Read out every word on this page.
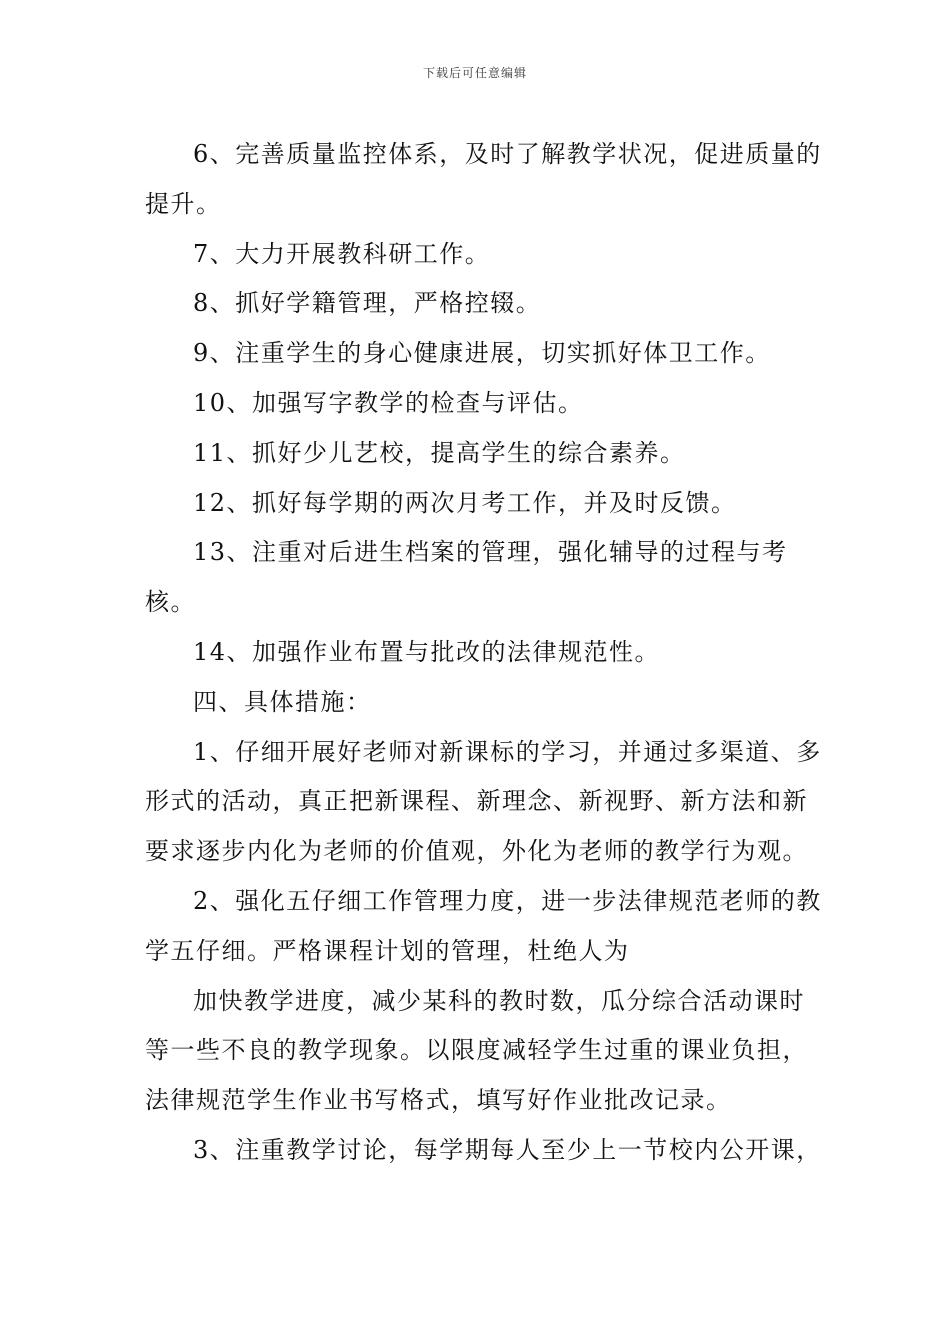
下载后可任意编辑

6、完善质量监控体系，及时了解教学状况，促进质量的提升。

7、大力开展教科研工作。

8、抓好学籍管理，严格控辍。

9、注重学生的身心健康进展，切实抓好体卫工作。

10、加强写字教学的检查与评估。

11、抓好少儿艺校，提高学生的综合素养。

12、抓好每学期的两次月考工作，并及时反馈。

13、注重对后进生档案的管理，强化辅导的过程与考核。

14、加强作业布置与批改的法律规范性。

四、具体措施：

1、仔细开展好老师对新课标的学习，并通过多渠道、多形式的活动，真正把新课程、新理念、新视野、新方法和新要求逐步内化为老师的价值观，外化为老师的教学行为观。

2、强化五仔细工作管理力度，进一步法律规范老师的教学五仔细。严格课程计划的管理，杜绝人为

加快教学进度，减少某科的教时数，瓜分综合活动课时等一些不良的教学现象。以限度减轻学生过重的课业负担，法律规范学生作业书写格式，填写好作业批改记录。

3、注重教学讨论，每学期每人至少上一节校内公开课，
